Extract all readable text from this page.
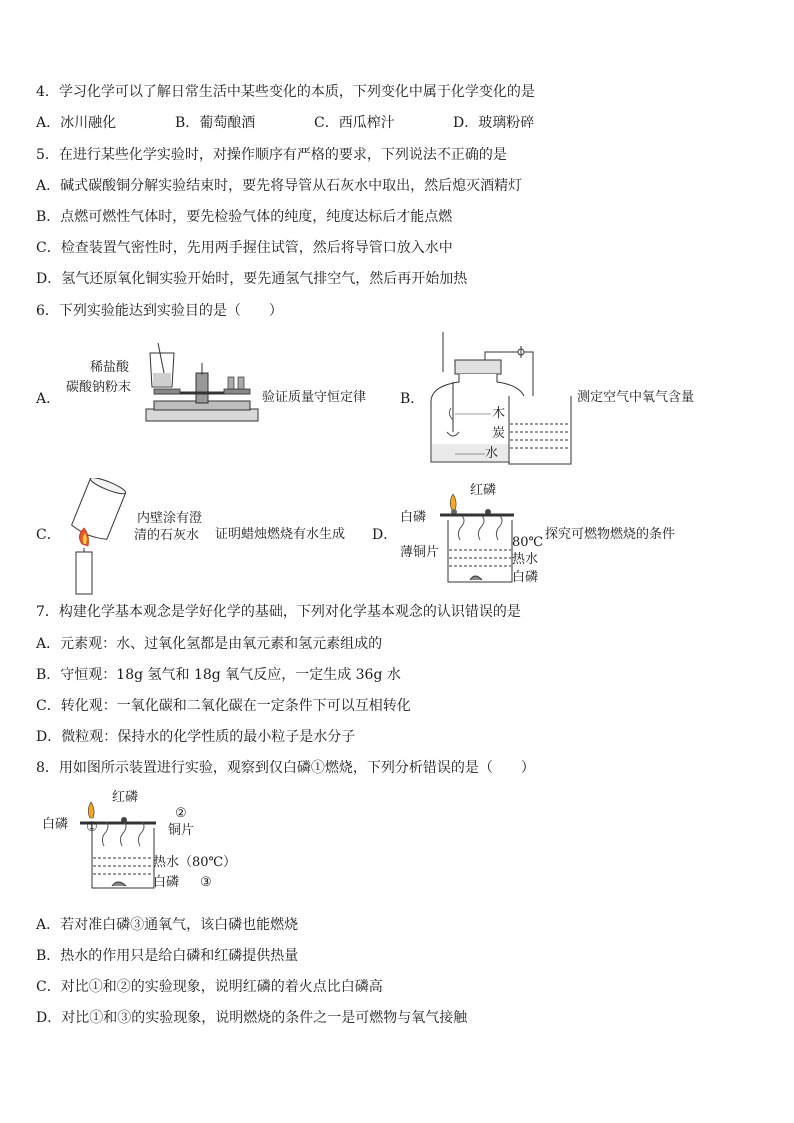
4．学习化学可以了解日常生活中某些变化的本质，下列变化中属于化学变化的是
A．冰川融化	B．葡萄酿酒	C．西瓜榨汁	D．玻璃粉碎
5．在进行某些化学实验时，对操作顺序有严格的要求，下列说法不正确的是
A．碱式碳酸铜分解实验结束时，要先将导管从石灰水中取出，然后熄灭酒精灯
B．点燃可燃性气体时，要先检验气体的纯度，纯度达标后才能点燃
C．检查装置气密性时，先用两手握住试管，然后将导管口放入水中
D．氢气还原氧化铜实验开始时，要先通氢气排空气，然后再开始加热
6．下列实验能达到实验目的是（　　）
A．
稀盐酸
碳酸钠粉末
验证质量守恒定律 B．
木
炭
水
测定空气中氧气含量
C．
内壁涂有澄
清的石灰水 证明蜡烛燃烧有水生成 D．
红磷
白磷
80℃
薄铜片	热水
白磷
探究可燃物燃烧的条件
7．构建化学基本观念是学好化学的基础，下列对化学基本观念的认识错误的是
A．元素观：水、过氧化氢都是由氧元素和氢元素组成的
B．守恒观：18g 氢气和 18g 氧气反应，一定生成 36g 水
C．转化观：一氧化碳和二氧化碳在一定条件下可以互相转化
D．微粒观：保持水的化学性质的最小粒子是水分子
8．用如图所示装置进行实验，观察到仅白磷①燃烧，下列分析错误的是（　　）
红磷
②
白磷 ①	铜片
热水（80℃）
白磷 ③
A．若对准白磷③通氧气，该白磷也能燃烧
B．热水的作用只是给白磷和红磷提供热量
C．对比①和②的实验现象，说明红磷的着火点比白磷高
D．对比①和③的实验现象，说明燃烧的条件之一是可燃物与氧气接触
